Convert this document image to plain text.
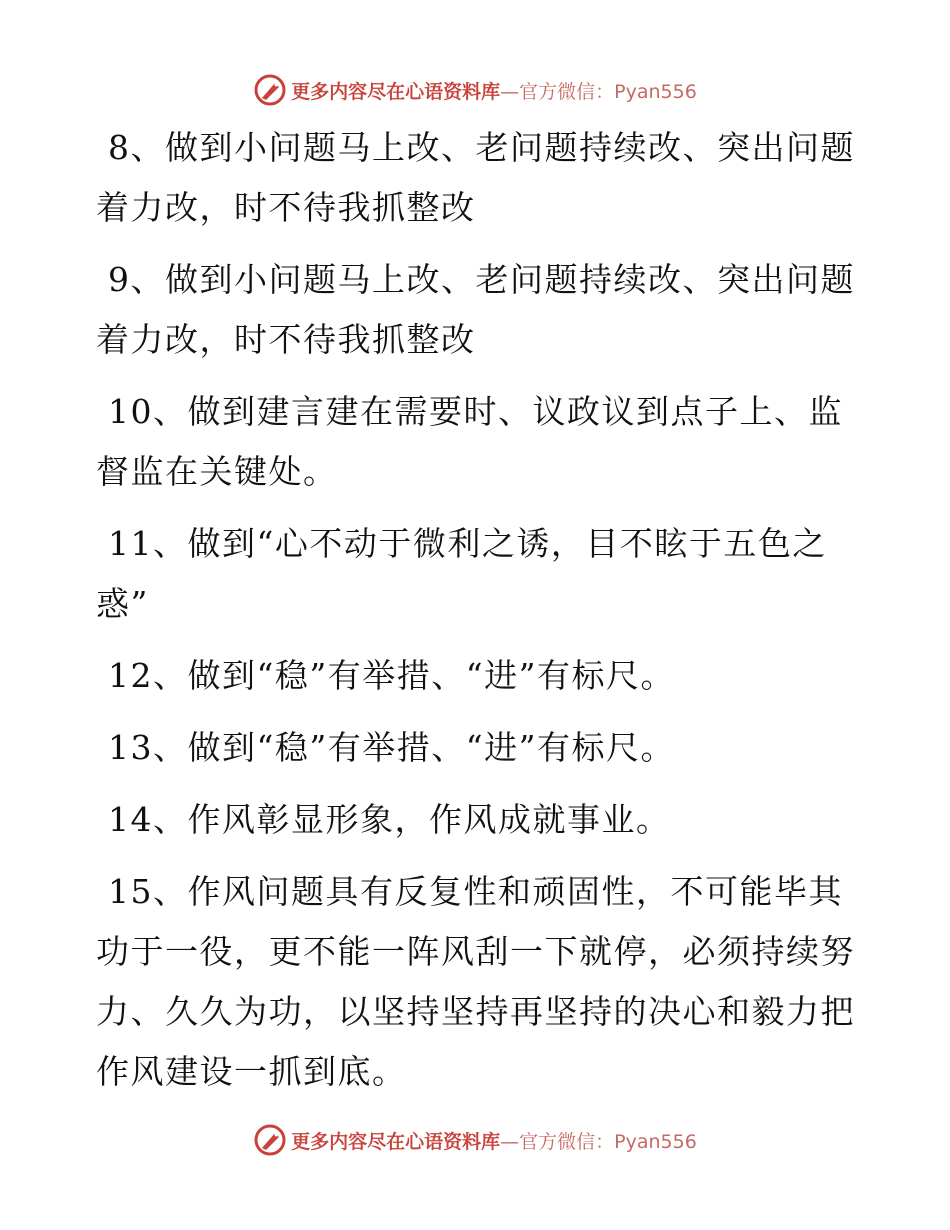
更多内容尽在心语资料库—官方微信：Pyan556

8、做到小问题马上改、老问题持续改、突出问题着力改，时不待我抓整改

9、做到小问题马上改、老问题持续改、突出问题着力改，时不待我抓整改

10、做到建言建在需要时、议政议到点子上、监督监在关键处。

11、做到“心不动于微利之诱，目不眩于五色之惑”

12、做到“稳”有举措、“进”有标尺。

13、做到“稳”有举措、“进”有标尺。

14、作风彰显形象，作风成就事业。

15、作风问题具有反复性和顽固性，不可能毕其功于一役，更不能一阵风刮一下就停，必须持续努力、久久为功，以坚持坚持再坚持的决心和毅力把作风建设一抓到底。

更多内容尽在心语资料库—官方微信：Pyan556
